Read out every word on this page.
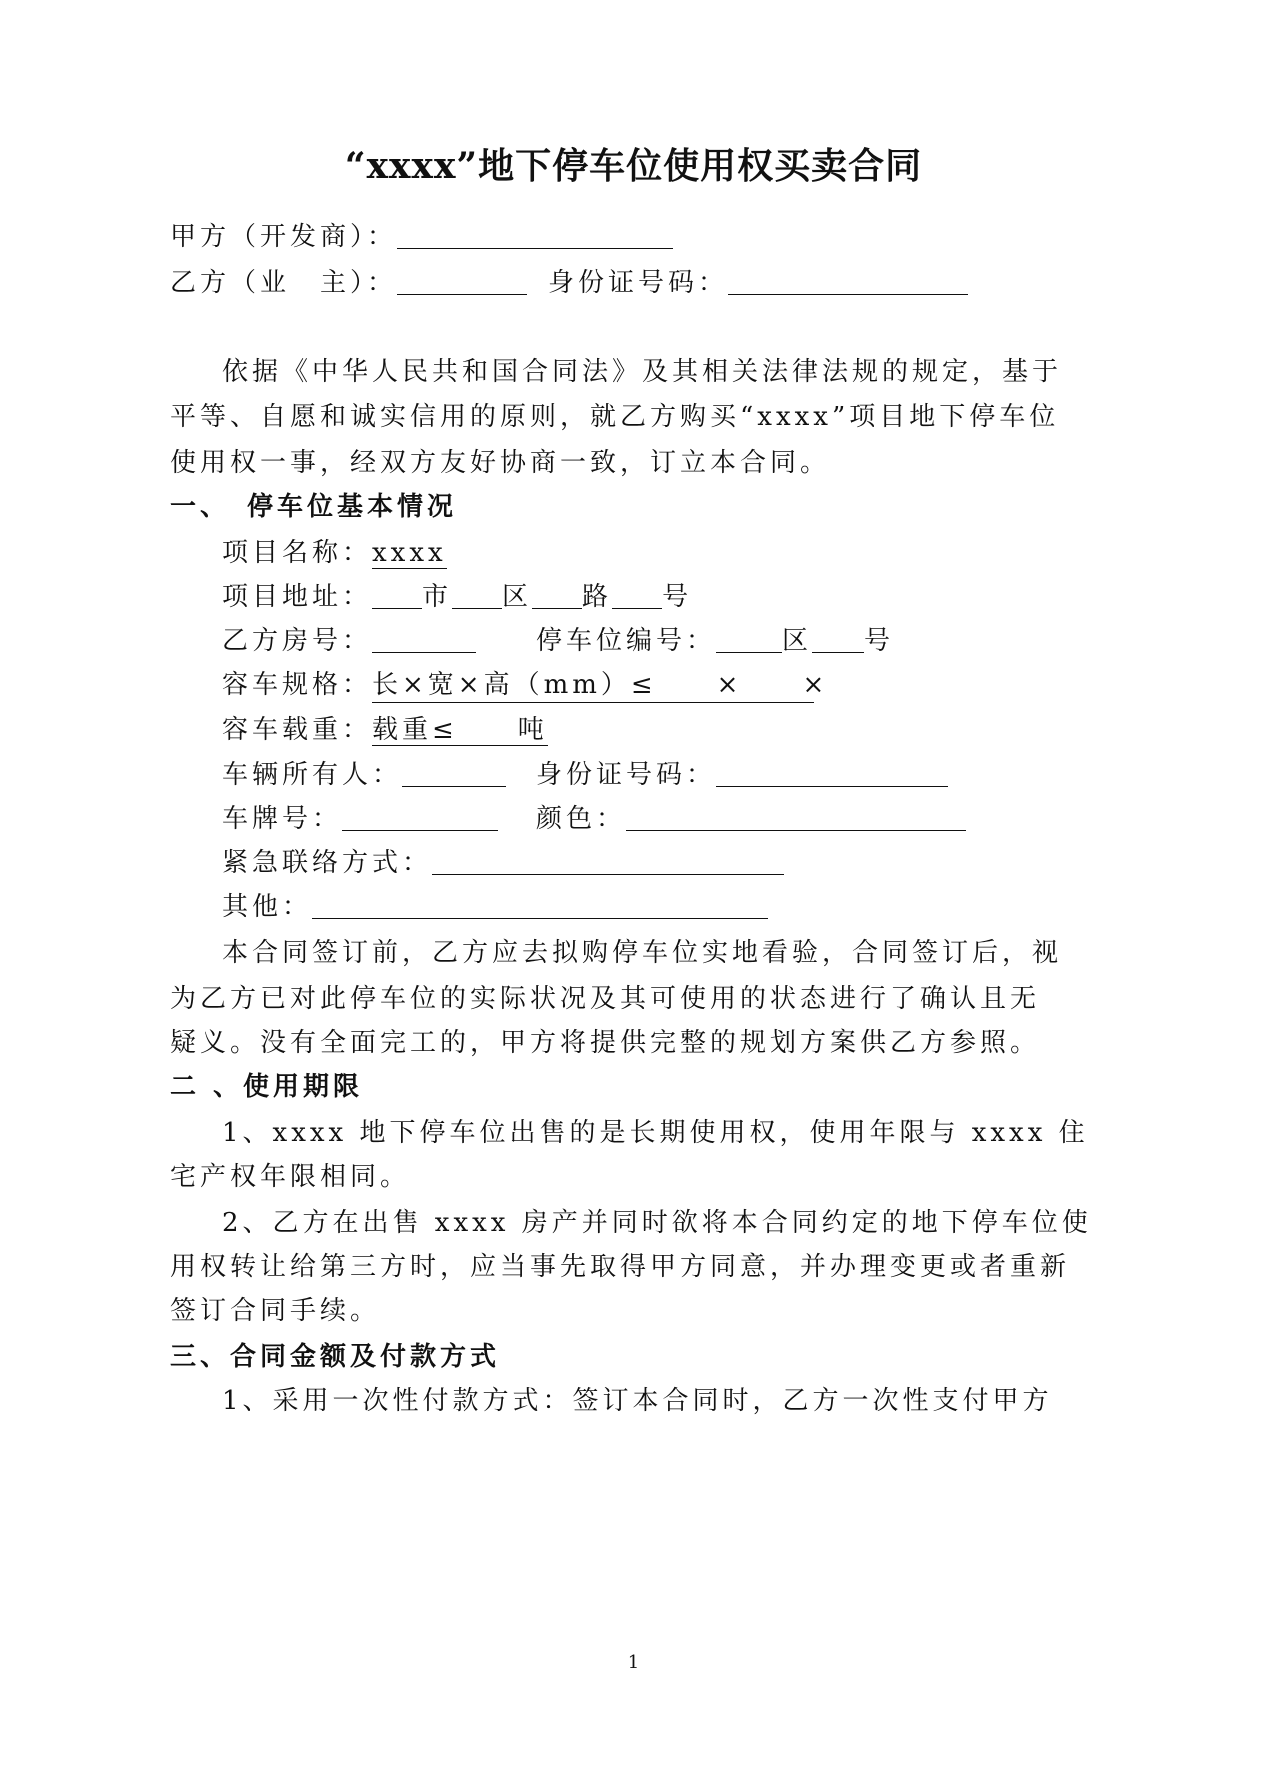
“xxxx”地下停车位使用权买卖合同
甲方（开发商）：
乙方（业　主）：	身份证号码：
依据《中华人民共和国合同法》及其相关法律法规的规定，基于
平等、自愿和诚实信用的原则，就乙方购买“xxxx”项目地下停车位
使用权一事，经双方友好协商一致，订立本合同。
一、　停车位基本情况
项目名称：xxxx
项目地址： 市 区 路 号
乙方房号：	停车位编号：	区 号
容车规格：长×宽×高（mm）≤　　×　　×
容车载重：载重≤　　吨
车辆所有人：	身份证号码：
车牌号：	颜色：
紧急联络方式：
其他：
本合同签订前，乙方应去拟购停车位实地看验，合同签订后，视
为乙方已对此停车位的实际状况及其可使用的状态进行了确认且无
疑义。没有全面完工的，甲方将提供完整的规划方案供乙方参照。
二 、使用期限
1、xxxx 地下停车位出售的是长期使用权，使用年限与 xxxx 住
宅产权年限相同。
2、乙方在出售 xxxx 房产并同时欲将本合同约定的地下停车位使
用权转让给第三方时，应当事先取得甲方同意，并办理变更或者重新
签订合同手续。
三、合同金额及付款方式
1、采用一次性付款方式：签订本合同时，乙方一次性支付甲方
1
